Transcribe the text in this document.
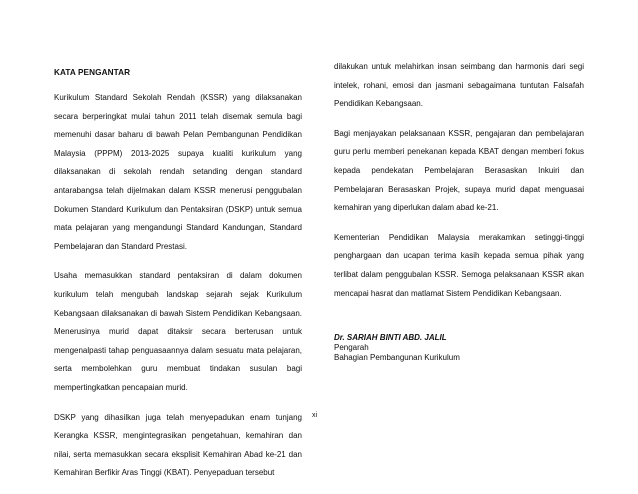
KATA PENGANTAR

Kurikulum Standard Sekolah Rendah (KSSR) yang dilaksanakan secara berperingkat mulai tahun 2011 telah disemak semula bagi memenuhi dasar baharu di bawah Pelan Pembangunan Pendidikan Malaysia (PPPM) 2013-2025 supaya kualiti kurikulum yang dilaksanakan di sekolah rendah setanding dengan standard antarabangsa telah dijelmakan dalam KSSR menerusi penggubalan Dokumen Standard Kurikulum dan Pentaksiran (DSKP) untuk semua mata pelajaran yang mengandungi Standard Kandungan, Standard Pembelajaran dan Standard Prestasi.

Usaha memasukkan standard pentaksiran di dalam dokumen kurikulum telah mengubah landskap sejarah sejak Kurikulum Kebangsaan dilaksanakan di bawah Sistem Pendidikan Kebangsaan. Menerusinya murid dapat ditaksir secara berterusan untuk mengenalpasti tahap penguasaannya dalam sesuatu mata pelajaran, serta membolehkan guru membuat tindakan susulan bagi mempertingkatkan pencapaian murid.

DSKP yang dihasilkan juga telah menyepadukan enam tunjang Kerangka KSSR, mengintegrasikan pengetahuan, kemahiran dan nilai, serta memasukkan secara eksplisit Kemahiran Abad ke-21 dan Kemahiran Berfikir Aras Tinggi (KBAT). Penyepaduan tersebut

dilakukan untuk melahirkan insan seimbang dan harmonis dari segi intelek, rohani, emosi dan jasmani sebagaimana tuntutan Falsafah Pendidikan Kebangsaan.

Bagi menjayakan pelaksanaan KSSR, pengajaran dan pembelajaran guru perlu memberi penekanan kepada KBAT dengan memberi fokus kepada pendekatan Pembelajaran Berasaskan Inkuiri dan Pembelajaran Berasaskan Projek, supaya murid dapat menguasai kemahiran yang diperlukan dalam abad ke-21.

Kementerian Pendidikan Malaysia merakamkan setinggi-tinggi penghargaan dan ucapan terima kasih kepada semua pihak yang terlibat dalam penggubalan KSSR. Semoga pelaksanaan KSSR akan mencapai hasrat dan matlamat Sistem Pendidikan Kebangsaan.

Dr. SARIAH BINTI ABD. JALIL
Pengarah
Bahagian Pembangunan Kurikulum
xi
